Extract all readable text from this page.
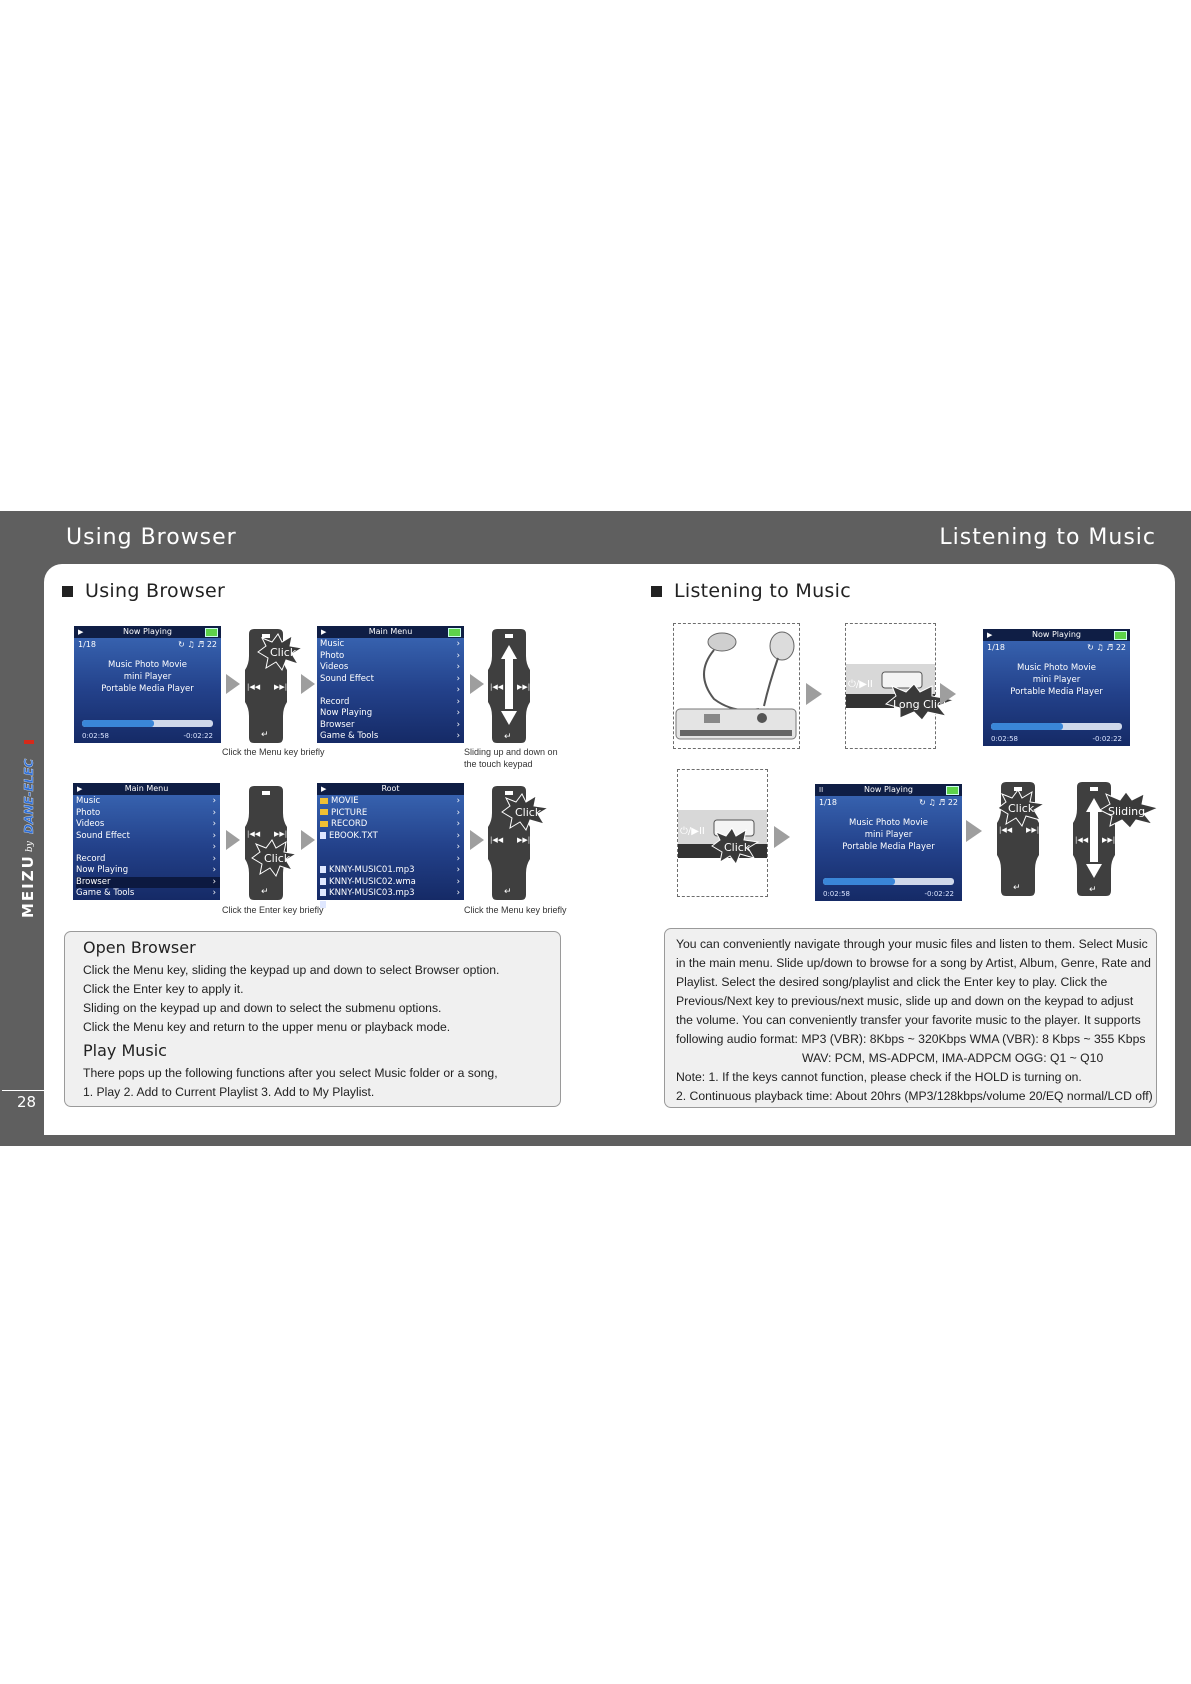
Using Browser	Listening to Music
28
MEIZU
by
DANE-ELEC
Using Browser	Listening to Music
▶	Now Playing
1/18	↻ ♫ ♬ 22
Music Photo Movie
mini Player
Portable Media Player
0:02:58	-0:02:22
|◀◀ ▶▶|
↵
Click
▶	Main Menu
Music	›
Photo	›
Videos	›
Sound Effect	›
›
Record	›
Now Playing	›
Browser	›
Game & Tools	›
|◀◀ ▶▶|
↵
Click the Menu key briefly	Sliding up and down on
the touch keypad
▶	Main Menu
Music	›
Photo	›
Videos	›
Sound Effect	›
›
Record	›
Now Playing	›
Browser	›
Game & Tools	›
|◀◀ ▶▶|
↵
Click
▶	Root
MOVIE	›
PICTURE	›
RECORD	›
EBOOK.TXT	›
›
›
KNNY-MUSIC01.mp3	›
KNNY-MUSIC02.wma	›
KNNY-MUSIC03.mp3	›
KNNY-MUSIC03.lrc	›
|◀◀ ▶▶|
↵
Click
Click the Enter key briefly	Click the Menu key briefly
Open Browser
Click the Menu key, sliding the keypad up and down to select Browser option.
Click the Enter key to apply it.
Sliding on the keypad up and down to select the submenu options.
Click the Menu key and return to the upper menu or playback mode.
Play Music
There pops up the following functions after you select Music folder or a song,
1. Play 2. Add to Current Playlist 3. Add to My Playlist.
⏻/▶II
Long Click
▶	Now Playing
1/18	↻ ♫ ♬ 22
Music Photo Movie
mini Player
Portable Media Player
0:02:58	-0:02:22
⏻/▶II
Click
II	Now Playing
1/18	↻ ♫ ♬ 22
Music Photo Movie
mini Player
Portable Media Player
0:02:58	-0:02:22
|◀◀ ▶▶|
↵
Click
|◀◀ ▶▶|
↵
Sliding
You can conveniently navigate through your music files and listen to them. Select Music
in the main menu. Slide up/down to browse for a song by Artist, Album, Genre, Rate and
Playlist. Select the desired song/playlist and click the Enter key to play. Click the
Previous/Next key to previous/next music, slide up and down on the keypad to adjust
the volume. You can conveniently transfer your favorite music to the player. It supports
following audio format: MP3 (VBR): 8Kbps ~ 320Kbps WMA (VBR): 8 Kbps ~ 355 Kbps
WAV: PCM, MS-ADPCM, IMA-ADPCM OGG: Q1 ~ Q10
Note: 1. If the keys cannot function, please check if the HOLD is turning on.
2. Continuous playback time: About 20hrs (MP3/128kbps/volume 20/EQ normal/LCD off)
